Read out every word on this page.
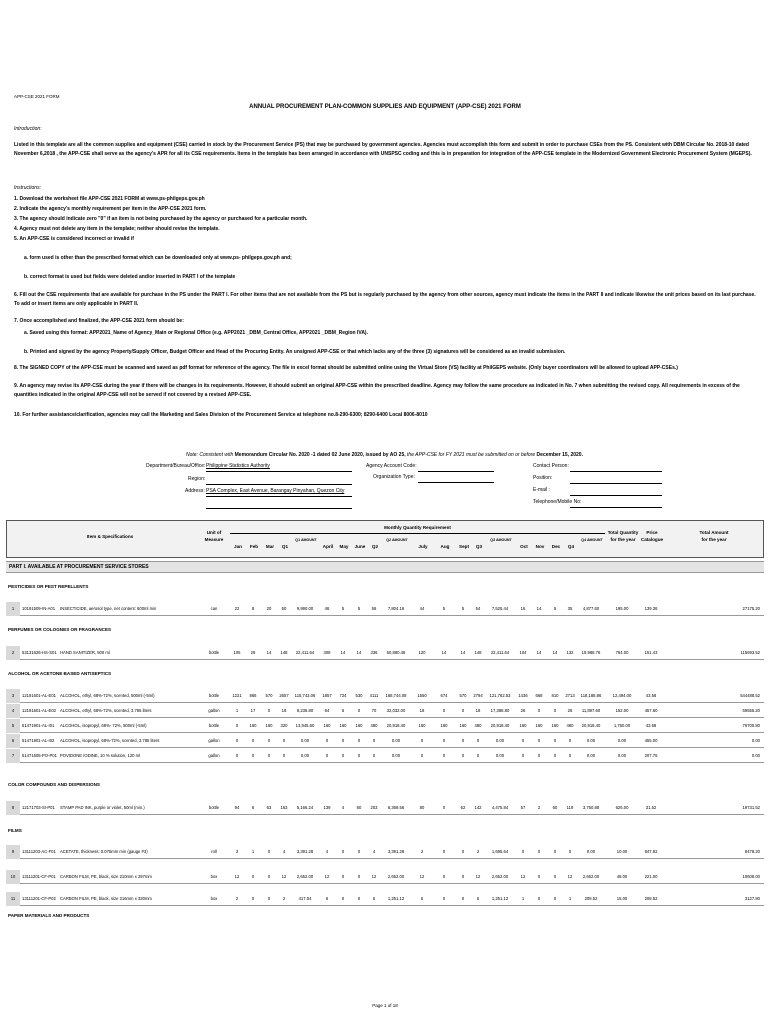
APP-CSE 2021 FORM
ANNUAL PROCUREMENT PLAN-COMMON SUPPLIES AND EQUIPMENT (APP-CSE) 2021 FORM
Introduction:
Listed in this template are all the common supplies and equipment (CSE) carried in stock by the Procurement Service (PS) that may be purchased by government agencies. Agencies must accomplish this form and submit in order to purchase CSEs from the PS. Consistent with DBM Circular No. 2018-10 dated November 6,2018 , the APP-CSE shall serve as the agency's APR for all its CSE requirements. Items in the template has been arranged in accordance with UNSPSC coding and this is in preparation for integration of the APP-CSE template in the Modernized Government Electronic Procurement System (MGEPS).
Instructions:
1. Download the worksheet file APP-CSE 2021 FORM at www.ps-philgeps.gov.ph
2. Indicate the agency's monthly requirement per item in the APP-CSE 2021 form.
3. The agency should indicate zero "0" if an item is not being purchased by the agency or purchased for a particular month.
4. Agency must not delete any item in the template; neither should revise the template.
5. An APP-CSE is considered incorrect or invalid if
a. form used is other than the prescribed format which can be downloaded only at www.ps- philgeps.gov.ph and;
b. correct format is used but fields were deleted and/or inserted in PART I of the template
6. Fill out the CSE requirements that are available for purchase in the PS under the PART I. For other items that are not available from the PS but is regularly purchased by the agency from other sources, agency must indicate the items in the PART II and indicate likewise the unit prices based on its last purchase. To add or insert items are only applicable in PART II.
7. Once accomplished and finalized, the APP-CSE 2021 form should be:
a. Saved using this format: APP2021_Name of Agency_Main or Regional Office (e.g. APP2021 _DBM_Central Office, APP2021 _DBM_Region IVA).
b. Printed and signed by the agency Property/Supply Officer, Budget Officer and Head of the Procuring Entity. An unsigned APP-CSE or that which lacks any of the three (3) signatures will be considered as an invalid submission.
8. The SIGNED COPY of the APP-CSE must be scanned and saved as pdf format for reference of the agency. The file in excel format should be submitted online using the Virtual Store (VS) facility at PhilGEPS website. (Only buyer coordinators will be allowed to upload APP-CSEs.)
9. An agency may revise its APP-CSE during the year if there will be changes in its requirements. However, it should submit an original APP-CSE within the prescribed deadline. Agency may follow the same procedure as indicated in No. 7 when submitting the revised copy. All requirements in excess of the quantities indicated in the original APP-CSE will not be served if not covered by a revised APP-CSE.
10. For further assistance/clarification, agencies may call the Marketing and Sales Division of the Procurement Service at telephone no.8-290-6300; 8290-6400 Local 8006-8010
Note: Consistent with Memorandum Circular No. 2020 -1 dated 02 June 2020, issued by AO 25, the APP-CSE for FY 2021 must be submitted on or before December 15, 2020.
Department/Bureau/Office: Philippine Statistics Authority
Region:
Address: PSA Complex, East Avenue, Barangay Pinyahan, Quezon City
Agency Account Code:
Organization Type:
Contact Person:
Position:
E-mail :
Telephone/Mobile No:
Item & Specifications
Unit of
Measure
Monthly Quantity Requirement
Jan	Feb	Mar	Q1
Q1 AMOUNT
April	May	June	Q2
Q2 AMOUNT
July	Aug	Sept	Q3
Q3 AMOUNT
Oct	Nov	Dec	Q4
Q4 AMOUNT
Total Quantity
for the year
Price
Catalogue
Total Amount
for the year
PART I. AVAILABLE AT PROCUREMENT SERVICE STORES
PESTICIDES OR PEST REPELLENTS
1	10191509-IN-A01	INSECTICIDE, aerosol type, net content: 600ml min	can	22	8	20	50	9,990.00	46	5	5	56	7,804.16	44	5	5	54	7,525.44	16	14	5	35	4,877.60	195.00	139.36	27175.20
PERFUMES OR COLOGNES OR FRAGRANCES
2	53131626-HS-S01 HAND SANITIZER, 500 ml	bottle	105	29	14	148	22,411.64	308	14	14	336	50,880.48	120	14	14	148	22,411.64	104	14	14	132	19,988.76	764.00	151.43	115693.52
ALCOHOL OR ACETONE BASED ANTISEPTICS
3	12191601-AL-E01 ALCOHOL, ethyl, 68%-72%, scented, 500ml (-5ml)	bottle	1221	866	570	2657	115,743.06	1857	724	530	4111	168,744.08	1550	674	570	2794	121,762.53	1436	668	810	2713	118,188.86	12,494.00	43.58	544488.52
4	12191601-AL-E02 ALCOHOL, ethyl, 68%-72%, scented, 3.785 liters	gallon	1	17	0	18	8,236.80	64	6	0	70	32,032.00	18	0	0	18	17,388.80	26	0	0	26	11,897.60	152.00	457.60	69555.20
5	51471901-AL-I01	ALCOHOL, isopropyl, 68%- 72%, 500ml (-5ml)	bottle	0	160	160	320	13,945.60	160	160	160	480	20,918.40	160	160	160	480	20,918.40	160	160	160	480	20,918.40	1,760.00	43.58	76700.80
6	51471901-AL-I02	ALCOHOL, isopropyl, 68%-72%, scented, 3.785 liters	gallon	0	0	0	0	0.00	0	0	0	0	0.00	0	0	0	0	0.00	0	0	0	0	0.00	0.00	455.00	0.00
7	51471505-PO-P01 POVIDONE IODINE, 10 % solution, 120 ml	gallon	0	0	0	0	0.00	0	0	0	0	0.00	0	0	0	0	0.00	0	0	0	0	0.00	0.00	207.75	0.00
COLOR COMPOUNDS AND DISPERSIONS
8	12171703-SI-P01	STAMP PAD INK, purple or violet, 50ml (min.)	bottle	94	6	63	163	5,166.24	139	4	60	203	6,369.56	80	0	62	142	4,475.84	57	2	60	119	3,750.88	626.00	31.52	19731.52
FILMS
9	13111203-AC-F01 ACETATE, thickness: 0.075mm min (gauge #3)	roll	3	1	0	4	3,391.28	4	0	0	4	3,391.28	2	0	0	2	1,695.64	0	0	0	0	0.00	10.00	847.82	8478.20
10	13111201-CF-P01 CARBON FILM, PE, black, size 210mm x 297mm	box	12	0	0	12	2,652.00	12	0	0	12	2,652.00	12	0	0	12	2,652.00	12	0	0	12	2,652.00	48.00	221.00	10608.00
11	13111201-CF-P02 CARBON FILM, PE, black, size 216mm x 330mm	box	2	0	0	2	417.04	6	0	0	6	1,251.12	6	0	0	6	1,251.12	1	0	0	1	208.52	15.00	208.52	3127.80
PAPER MATERIALS AND PRODUCTS
Page 1 of 18
